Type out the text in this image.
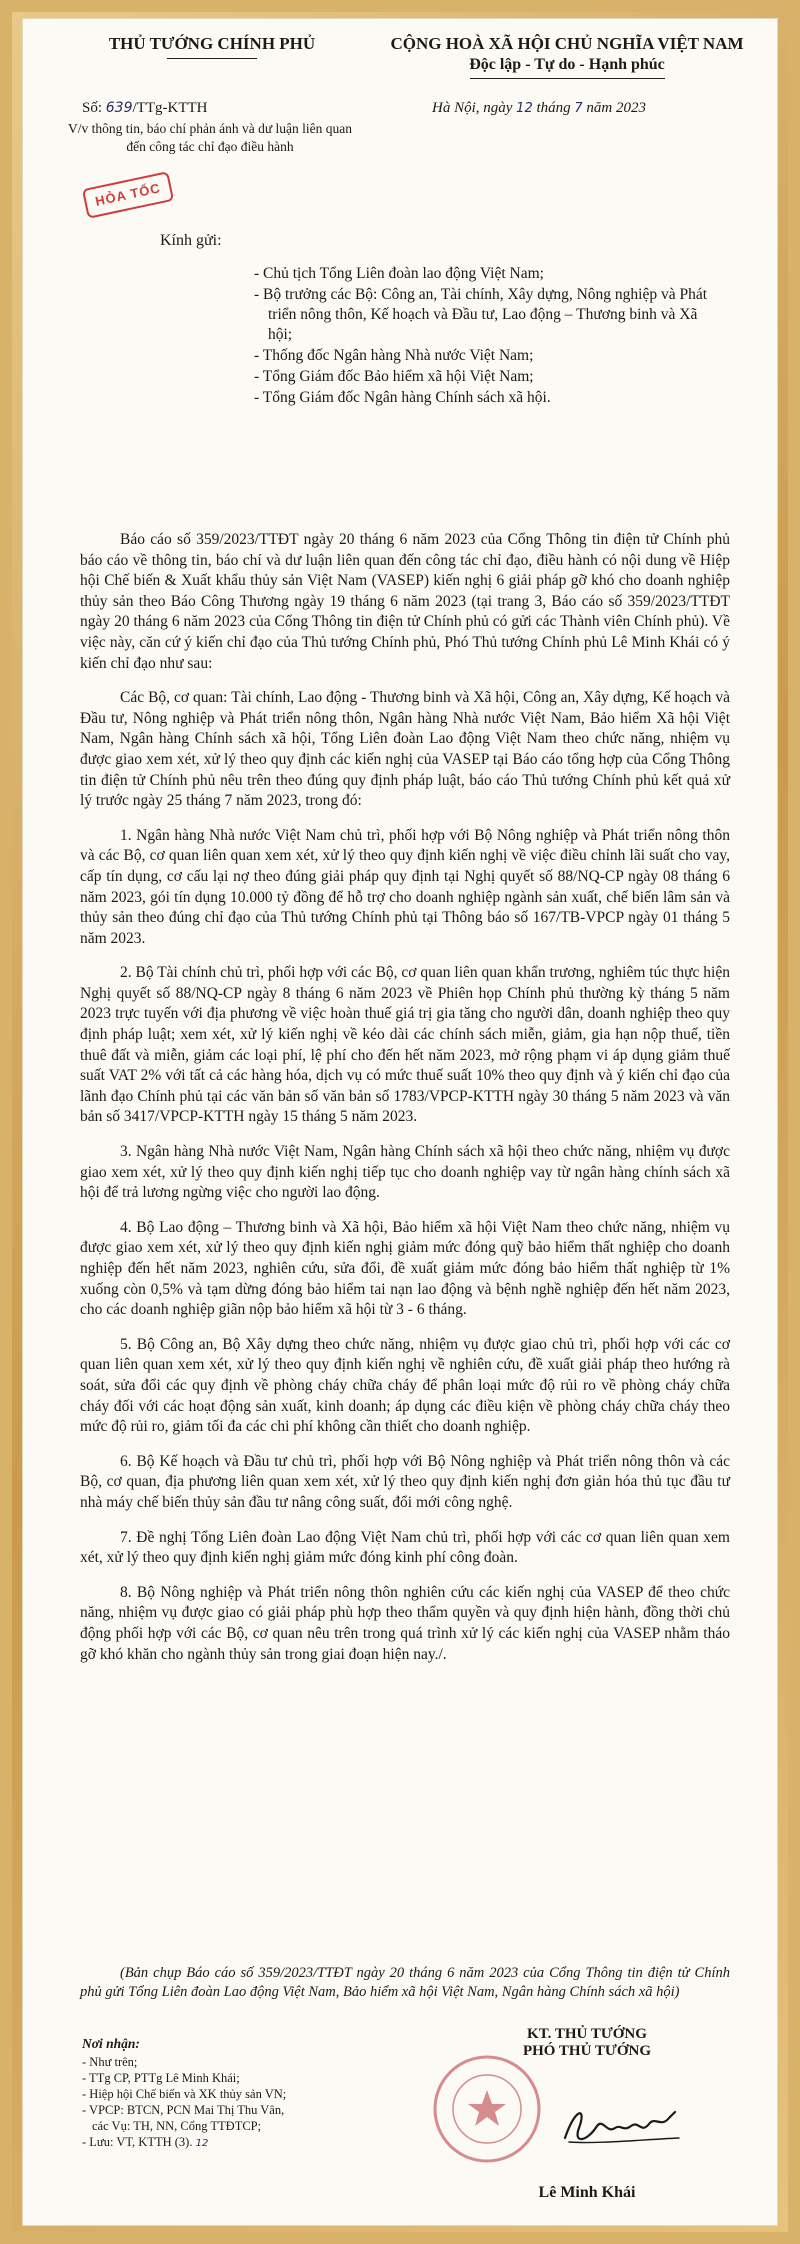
THỦ TƯỚNG CHÍNH PHỦ	CỘNG HOÀ XÃ HỘI CHỦ NGHĨA VIỆT NAM
Độc lập - Tự do - Hạnh phúc
Số: 639/TTg-KTTH
V/v thông tin, báo chí phản ánh và dư luận liên quan đến công tác chỉ đạo điều hành
Hà Nội, ngày 12 tháng 7 năm 2023
HỎA TỐC
Kính gửi:
- Chủ tịch Tổng Liên đoàn lao động Việt Nam;
- Bộ trưởng các Bộ: Công an, Tài chính, Xây dựng, Nông nghiệp và Phát triển nông thôn, Kế hoạch và Đầu tư, Lao động – Thương binh và Xã hội;
- Thống đốc Ngân hàng Nhà nước Việt Nam;
- Tổng Giám đốc Bảo hiểm xã hội Việt Nam;
- Tổng Giám đốc Ngân hàng Chính sách xã hội.

Báo cáo số 359/2023/TTĐT ngày 20 tháng 6 năm 2023 của Cổng Thông tin điện tử Chính phủ báo cáo về thông tin, báo chí và dư luận liên quan đến công tác chỉ đạo, điều hành có nội dung về Hiệp hội Chế biến & Xuất khẩu thủy sản Việt Nam (VASEP) kiến nghị 6 giải pháp gỡ khó cho doanh nghiệp thủy sản theo Báo Công Thương ngày 19 tháng 6 năm 2023 (tại trang 3, Báo cáo số 359/2023/TTĐT ngày 20 tháng 6 năm 2023 của Cổng Thông tin điện tử Chính phủ có gửi các Thành viên Chính phủ). Về việc này, căn cứ ý kiến chỉ đạo của Thủ tướng Chính phủ, Phó Thủ tướng Chính phủ Lê Minh Khái có ý kiến chỉ đạo như sau:

Các Bộ, cơ quan: Tài chính, Lao động - Thương binh và Xã hội, Công an, Xây dựng, Kế hoạch và Đầu tư, Nông nghiệp và Phát triển nông thôn, Ngân hàng Nhà nước Việt Nam, Bảo hiểm Xã hội Việt Nam, Ngân hàng Chính sách xã hội, Tổng Liên đoàn Lao động Việt Nam theo chức năng, nhiệm vụ được giao xem xét, xử lý theo quy định các kiến nghị của VASEP tại Báo cáo tổng hợp của Cổng Thông tin điện tử Chính phủ nêu trên theo đúng quy định pháp luật, báo cáo Thủ tướng Chính phủ kết quả xử lý trước ngày 25 tháng 7 năm 2023, trong đó:

1. Ngân hàng Nhà nước Việt Nam chủ trì, phối hợp với Bộ Nông nghiệp và Phát triển nông thôn và các Bộ, cơ quan liên quan xem xét, xử lý theo quy định kiến nghị về việc điều chỉnh lãi suất cho vay, cấp tín dụng, cơ cấu lại nợ theo đúng giải pháp quy định tại Nghị quyết số 88/NQ-CP ngày 08 tháng 6 năm 2023, gói tín dụng 10.000 tỷ đồng để hỗ trợ cho doanh nghiệp ngành sản xuất, chế biến lâm sản và thủy sản theo đúng chỉ đạo của Thủ tướng Chính phủ tại Thông báo số 167/TB-VPCP ngày 01 tháng 5 năm 2023.

2. Bộ Tài chính chủ trì, phối hợp với các Bộ, cơ quan liên quan khẩn trương, nghiêm túc thực hiện Nghị quyết số 88/NQ-CP ngày 8 tháng 6 năm 2023 về Phiên họp Chính phủ thường kỳ tháng 5 năm 2023 trực tuyến với địa phương về việc hoàn thuế giá trị gia tăng cho người dân, doanh nghiệp theo quy định pháp luật; xem xét, xử lý kiến nghị về kéo dài các chính sách miễn, giảm, gia hạn nộp thuế, tiền thuê đất và miễn, giảm các loại phí, lệ phí cho đến hết năm 2023, mở rộng phạm vi áp dụng giảm thuế suất VAT 2% với tất cả các hàng hóa, dịch vụ có mức thuế suất 10% theo quy định và ý kiến chỉ đạo của lãnh đạo Chính phủ tại các văn bản số văn bản số 1783/VPCP-KTTH ngày 30 tháng 5 năm 2023 và văn bản số 3417/VPCP-KTTH ngày 15 tháng 5 năm 2023.

3. Ngân hàng Nhà nước Việt Nam, Ngân hàng Chính sách xã hội theo chức năng, nhiệm vụ được giao xem xét, xử lý theo quy định kiến nghị tiếp tục cho doanh nghiệp vay từ ngân hàng chính sách xã hội để trả lương ngừng việc cho người lao động.

4. Bộ Lao động – Thương binh và Xã hội, Bảo hiểm xã hội Việt Nam theo chức năng, nhiệm vụ được giao xem xét, xử lý theo quy định kiến nghị giảm mức đóng quỹ bảo hiểm thất nghiệp cho doanh nghiệp đến hết năm 2023, nghiên cứu, sửa đổi, đề xuất giảm mức đóng bảo hiểm thất nghiệp từ 1% xuống còn 0,5% và tạm dừng đóng bảo hiểm tai nạn lao động và bệnh nghề nghiệp đến hết năm 2023, cho các doanh nghiệp giãn nộp bảo hiểm xã hội từ 3 - 6 tháng.

5. Bộ Công an, Bộ Xây dựng theo chức năng, nhiệm vụ được giao chủ trì, phối hợp với các cơ quan liên quan xem xét, xử lý theo quy định kiến nghị về nghiên cứu, đề xuất giải pháp theo hướng rà soát, sửa đổi các quy định về phòng cháy chữa cháy để phân loại mức độ rủi ro về phòng cháy chữa cháy đối với các hoạt động sản xuất, kinh doanh; áp dụng các điều kiện về phòng cháy chữa cháy theo mức độ rủi ro, giảm tối đa các chi phí không cần thiết cho doanh nghiệp.

6. Bộ Kế hoạch và Đầu tư chủ trì, phối hợp với Bộ Nông nghiệp và Phát triển nông thôn và các Bộ, cơ quan, địa phương liên quan xem xét, xử lý theo quy định kiến nghị đơn giản hóa thủ tục đầu tư nhà máy chế biến thủy sản đầu tư nâng công suất, đổi mới công nghệ.

7. Đề nghị Tổng Liên đoàn Lao động Việt Nam chủ trì, phối hợp với các cơ quan liên quan xem xét, xử lý theo quy định kiến nghị giảm mức đóng kinh phí công đoàn.

8. Bộ Nông nghiệp và Phát triển nông thôn nghiên cứu các kiến nghị của VASEP để theo chức năng, nhiệm vụ được giao có giải pháp phù hợp theo thẩm quyền và quy định hiện hành, đồng thời chủ động phối hợp với các Bộ, cơ quan nêu trên trong quá trình xử lý các kiến nghị của VASEP nhằm tháo gỡ khó khăn cho ngành thủy sản trong giai đoạn hiện nay./.

(Bản chụp Báo cáo số 359/2023/TTĐT ngày 20 tháng 6 năm 2023 của Cổng Thông tin điện tử Chính phủ gửi Tổng Liên đoàn Lao động Việt Nam, Bảo hiểm xã hội Việt Nam, Ngân hàng Chính sách xã hội)
Nơi nhận:
- Như trên;
- TTg CP, PTTg Lê Minh Khái;
- Hiệp hội Chế biến và XK thủy sản VN;
- VPCP: BTCN, PCN Mai Thị Thu Vân,
các Vụ: TH, NN, Cổng TTĐTCP;
- Lưu: VT, KTTH (3). 12
KT. THỦ TƯỚNG
PHÓ THỦ TƯỚNG
Lê Minh Khái
